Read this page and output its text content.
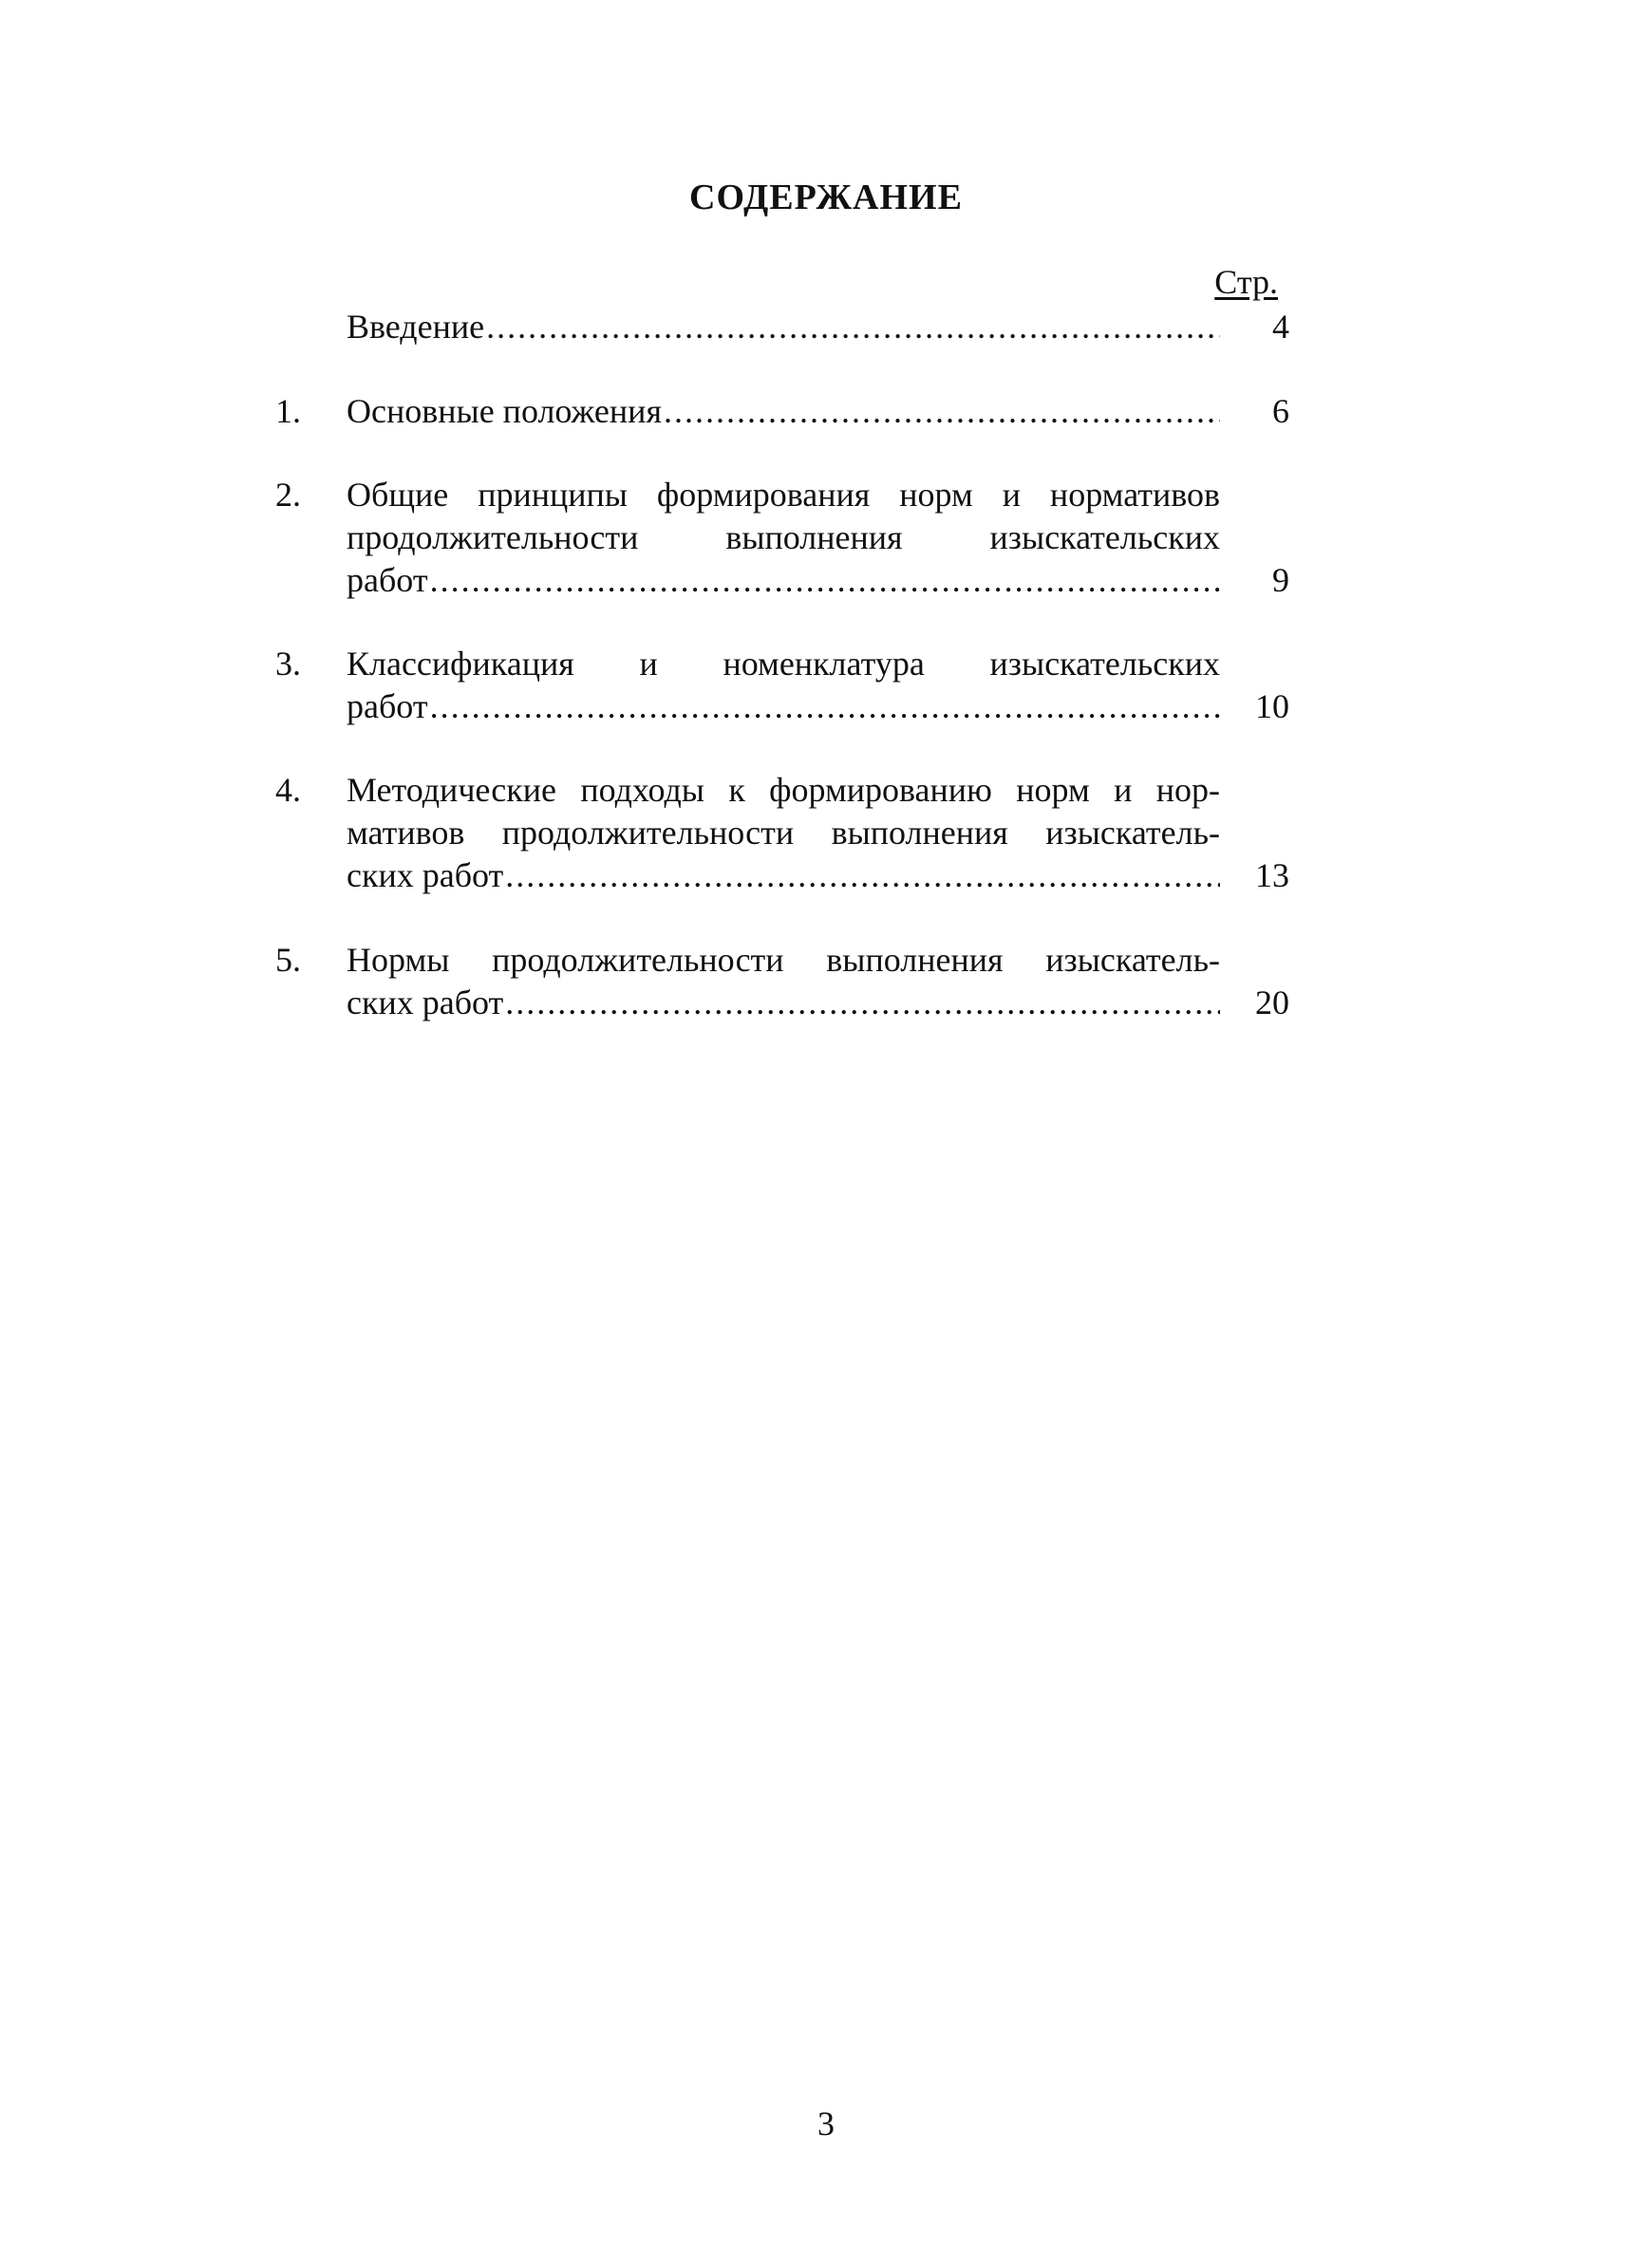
СОДЕРЖАНИЕ
Стр.
Введение .....	4
1. Основные положения .....	6
2. Общие принципы формирования норм и нормативов
продолжительности выполнения изыскательских
работ .....	9
3. Классификация и номенклатура изыскательских
работ .....	10
4. Методические подходы к формированию норм и нор-
мативов продолжительности выполнения изыскатель-
ских работ .....	13
5. Нормы продолжительности выполнения изыскатель-
ских работ .....	20
3
